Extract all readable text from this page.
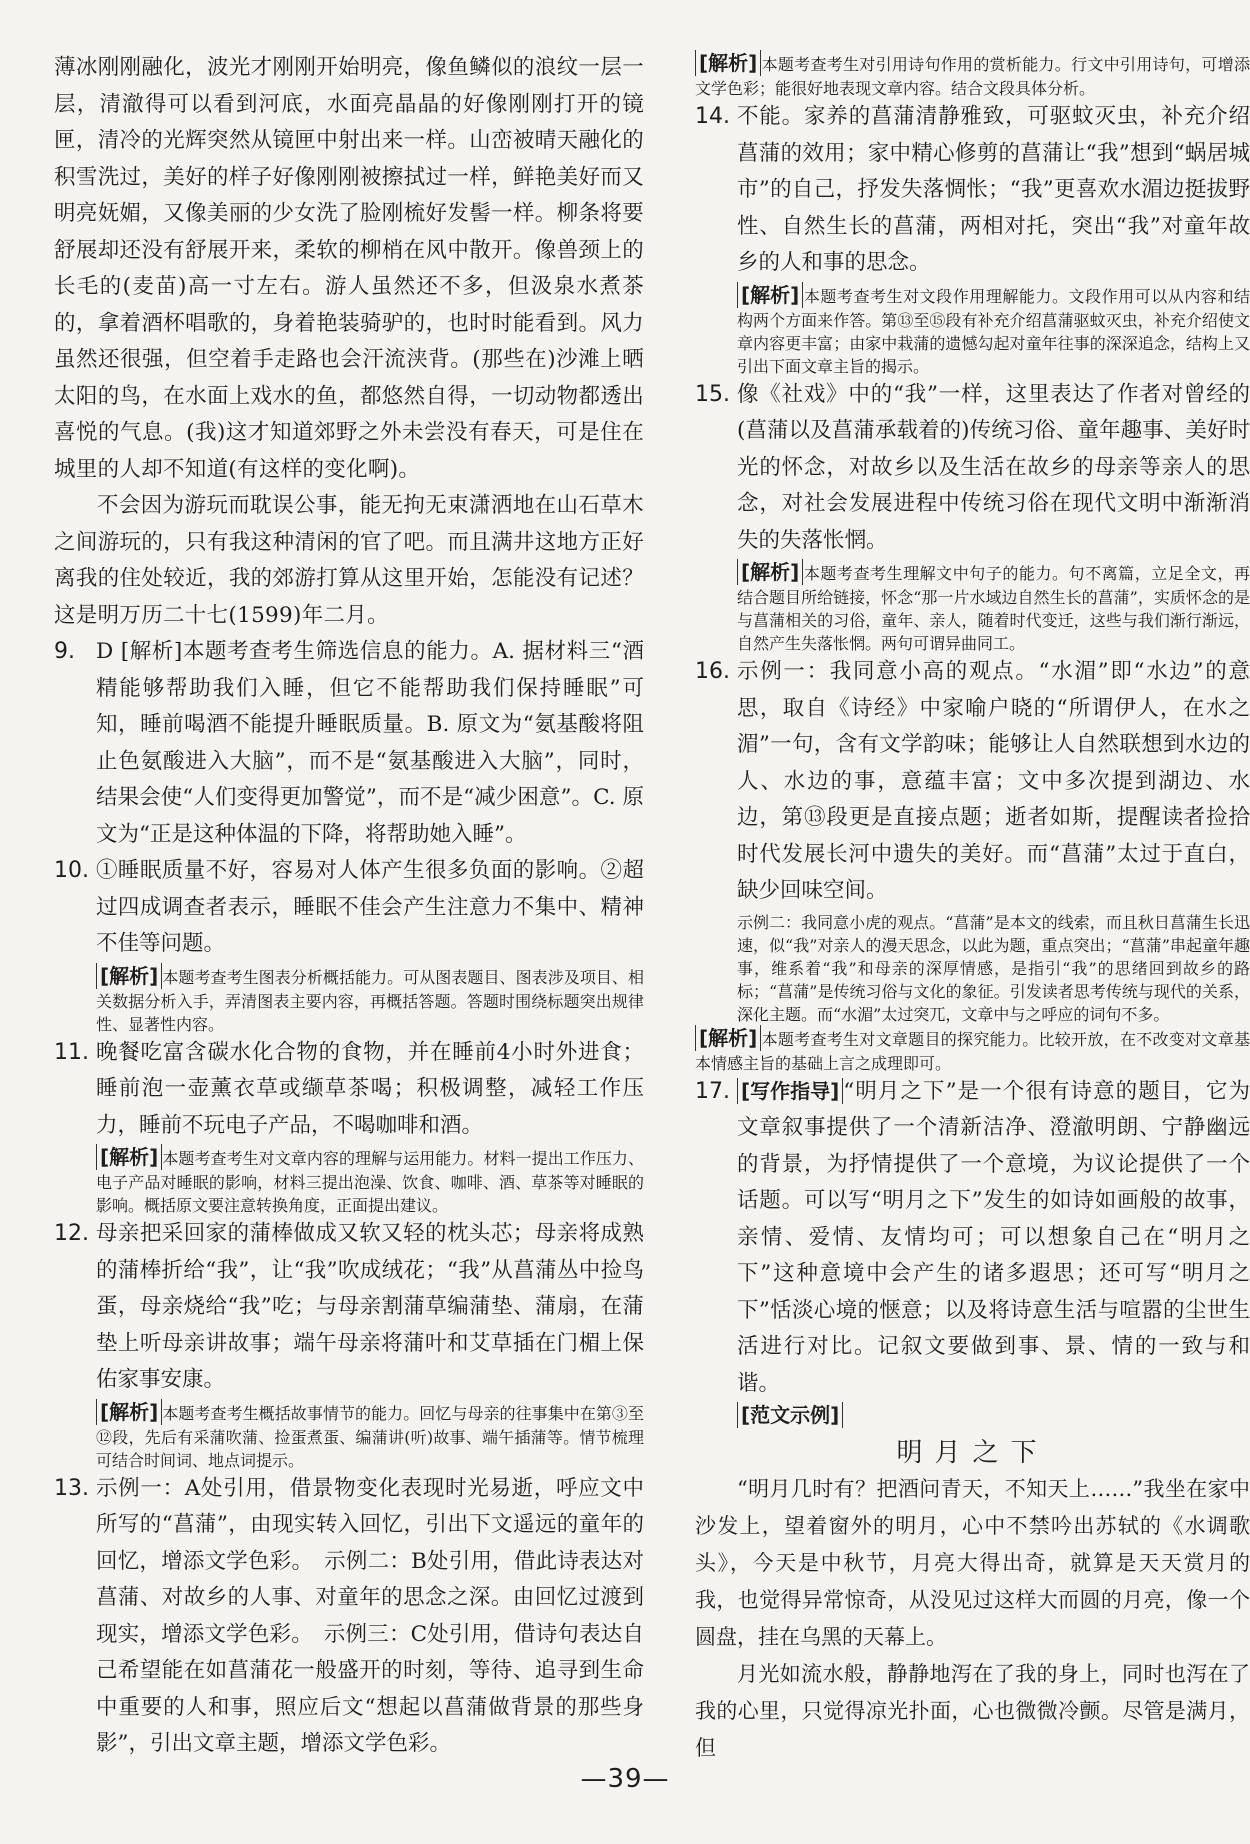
薄冰刚刚融化，波光才刚刚开始明亮，像鱼鳞似的浪纹一层一层，清澈得可以看到河底，水面亮晶晶的好像刚刚打开的镜匣，清冷的光辉突然从镜匣中射出来一样。山峦被晴天融化的积雪洗过，美好的样子好像刚刚被擦拭过一样，鲜艳美好而又明亮妩媚，又像美丽的少女洗了脸刚梳好发髻一样。柳条将要舒展却还没有舒展开来，柔软的柳梢在风中散开。像兽颈上的长毛的(麦苗)高一寸左右。游人虽然还不多，但汲泉水煮茶的，拿着酒杯唱歌的，身着艳装骑驴的，也时时能看到。风力虽然还很强，但空着手走路也会汗流浃背。(那些在)沙滩上晒太阳的鸟，在水面上戏水的鱼，都悠然自得，一切动物都透出喜悦的气息。(我)这才知道郊野之外未尝没有春天，可是住在城里的人却不知道(有这样的变化啊)。

不会因为游玩而耽误公事，能无拘无束潇洒地在山石草木之间游玩的，只有我这种清闲的官了吧。而且满井这地方正好离我的住处较近，我的郊游打算从这里开始，怎能没有记述？这是明万历二十七(1599)年二月。

9. D [解析]本题考查考生筛选信息的能力。A. 据材料三“酒精能够帮助我们入睡，但它不能帮助我们保持睡眠”可知，睡前喝酒不能提升睡眠质量。B. 原文为“氨基酸将阻止色氨酸进入大脑”，而不是“氨基酸进入大脑”，同时，结果会使“人们变得更加警觉”，而不是“减少困意”。C. 原文为“正是这种体温的下降，将帮助她入睡”。
10. ①睡眠质量不好，容易对人体产生很多负面的影响。②超过四成调查者表示，睡眠不佳会产生注意力不集中、精神不佳等问题。

[ 解析 ] 本题考查考生图表分析概括能力。可从图表题目、图表涉及项目、相关数据分析入手，弄清图表主要内容，再概括答题。答题时围绕标题突出规律性、显著性内容。

11. 晚餐吃富含碳水化合物的食物，并在睡前4小时外进食；睡前泡一壶薰衣草或缬草茶喝；积极调整，减轻工作压力，睡前不玩电子产品，不喝咖啡和酒。

[ 解析 ] 本题考查考生对文章内容的理解与运用能力。材料一提出工作压力、电子产品对睡眠的影响，材料三提出泡澡、饮食、咖啡、酒、草茶等对睡眠的影响。概括原文要注意转换角度，正面提出建议。

12. 母亲把采回家的蒲棒做成又软又轻的枕头芯；母亲将成熟的蒲棒折给“我”，让“我”吹成绒花；“我”从菖蒲丛中捡鸟蛋，母亲烧给“我”吃；与母亲割蒲草编蒲垫、蒲扇，在蒲垫上听母亲讲故事；端午母亲将蒲叶和艾草插在门楣上保佑家事安康。

[ 解析 ] 本题考查考生概括故事情节的能力。回忆与母亲的往事集中在第③至⑫段，先后有采蒲吹蒲、捡蛋煮蛋、编蒲讲(听)故事、端午插蒲等。情节梳理可结合时间词、地点词提示。

13. 示例一：A处引用，借景物变化表现时光易逝，呼应文中所写的“菖蒲”，由现实转入回忆，引出下文遥远的童年的回忆，增添文学色彩。　示例二：B处引用，借此诗表达对菖蒲、对故乡的人事、对童年的思念之深。由回忆过渡到现实，增添文学色彩。　示例三：C处引用，借诗句表达自己希望能在如菖蒲花一般盛开的时刻，等待、追寻到生命中重要的人和事，照应后文“想起以菖蒲做背景的那些身影”，引出文章主题，增添文学色彩。

[ 解析 ] 本题考查考生对引用诗句作用的赏析能力。行文中引用诗句，可增添文学色彩；能很好地表现文章内容。结合文段具体分析。

14. 不能。家养的菖蒲清静雅致，可驱蚊灭虫，补充介绍菖蒲的效用；家中精心修剪的菖蒲让“我”想到“蜗居城市”的自己，抒发失落惆怅；“我”更喜欢水湄边挺拔野性、自然生长的菖蒲，两相对托，突出“我”对童年故乡的人和事的思念。

[ 解析 ] 本题考查考生对文段作用理解能力。文段作用可以从内容和结构两个方面来作答。第⑬至⑮段有补充介绍菖蒲驱蚊灭虫，补充介绍使文章内容更丰富；由家中栽蒲的遗憾勾起对童年往事的深深追念，结构上又引出下面文章主旨的揭示。

15. 像《社戏》中的“我”一样，这里表达了作者对曾经的(菖蒲以及菖蒲承载着的)传统习俗、童年趣事、美好时光的怀念，对故乡以及生活在故乡的母亲等亲人的思念，对社会发展进程中传统习俗在现代文明中渐渐消失的失落怅惘。

[ 解析 ] 本题考查考生理解文中句子的能力。句不离篇，立足全文，再结合题目所给链接，怀念“那一片水域边自然生长的菖蒲”，实质怀念的是与菖蒲相关的习俗，童年、亲人，随着时代变迁，这些与我们渐行渐远，自然产生失落怅惘。两句可谓异曲同工。

16. 示例一：我同意小高的观点。“水湄”即“水边”的意思，取自《诗经》中家喻户晓的“所谓伊人，在水之湄”一句，含有文学韵味；能够让人自然联想到水边的人、水边的事，意蕴丰富；文中多次提到湖边、水边，第⑬段更是直接点题；逝者如斯，提醒读者捡拾时代发展长河中遗失的美好。而“菖蒲”太过于直白，缺少回味空间。

示例二：我同意小虎的观点。“菖蒲”是本文的线索，而且秋日菖蒲生长迅速，似“我”对亲人的漫天思念，以此为题，重点突出；“菖蒲”串起童年趣事，维系着“我”和母亲的深厚情感，是指引“我”的思绪回到故乡的路标；“菖蒲”是传统习俗与文化的象征。引发读者思考传统与现代的关系，深化主题。而“水湄”太过突兀，文章中与之呼应的词句不多。

[ 解析 ] 本题考查考生对文章题目的探究能力。比较开放，在不改变对文章基本情感主旨的基础上言之成理即可。

17.
[ 写作指导 ] “明月之下”是一个很有诗意的题目，它为文章叙事提供了一个清新洁净、澄澈明朗、宁静幽远的背景，为抒情提供了一个意境，为议论提供了一个话题。可以写“明月之下”发生的如诗如画般的故事，亲情、爱情、友情均可；可以想象自己在“明月之下”这种意境中会产生的诸多遐思；还可写“明月之下”恬淡心境的惬意；以及将诗意生活与喧嚣的尘世生活进行对比。记叙文要做到事、景、情的一致与和谐。

[ 范文示例 ]

明月之下

“明月几时有？把酒问青天，不知天上……”我坐在家中沙发上，望着窗外的明月，心中不禁吟出苏轼的《水调歌头》，今天是中秋节，月亮大得出奇，就算是天天赏月的我，也觉得异常惊奇，从没见过这样大而圆的月亮，像一个圆盘，挂在乌黑的天幕上。

月光如流水般，静静地泻在了我的身上，同时也泻在了我的心里，只觉得凉光扑面，心也微微冷颤。尽管是满月，但

—39—
